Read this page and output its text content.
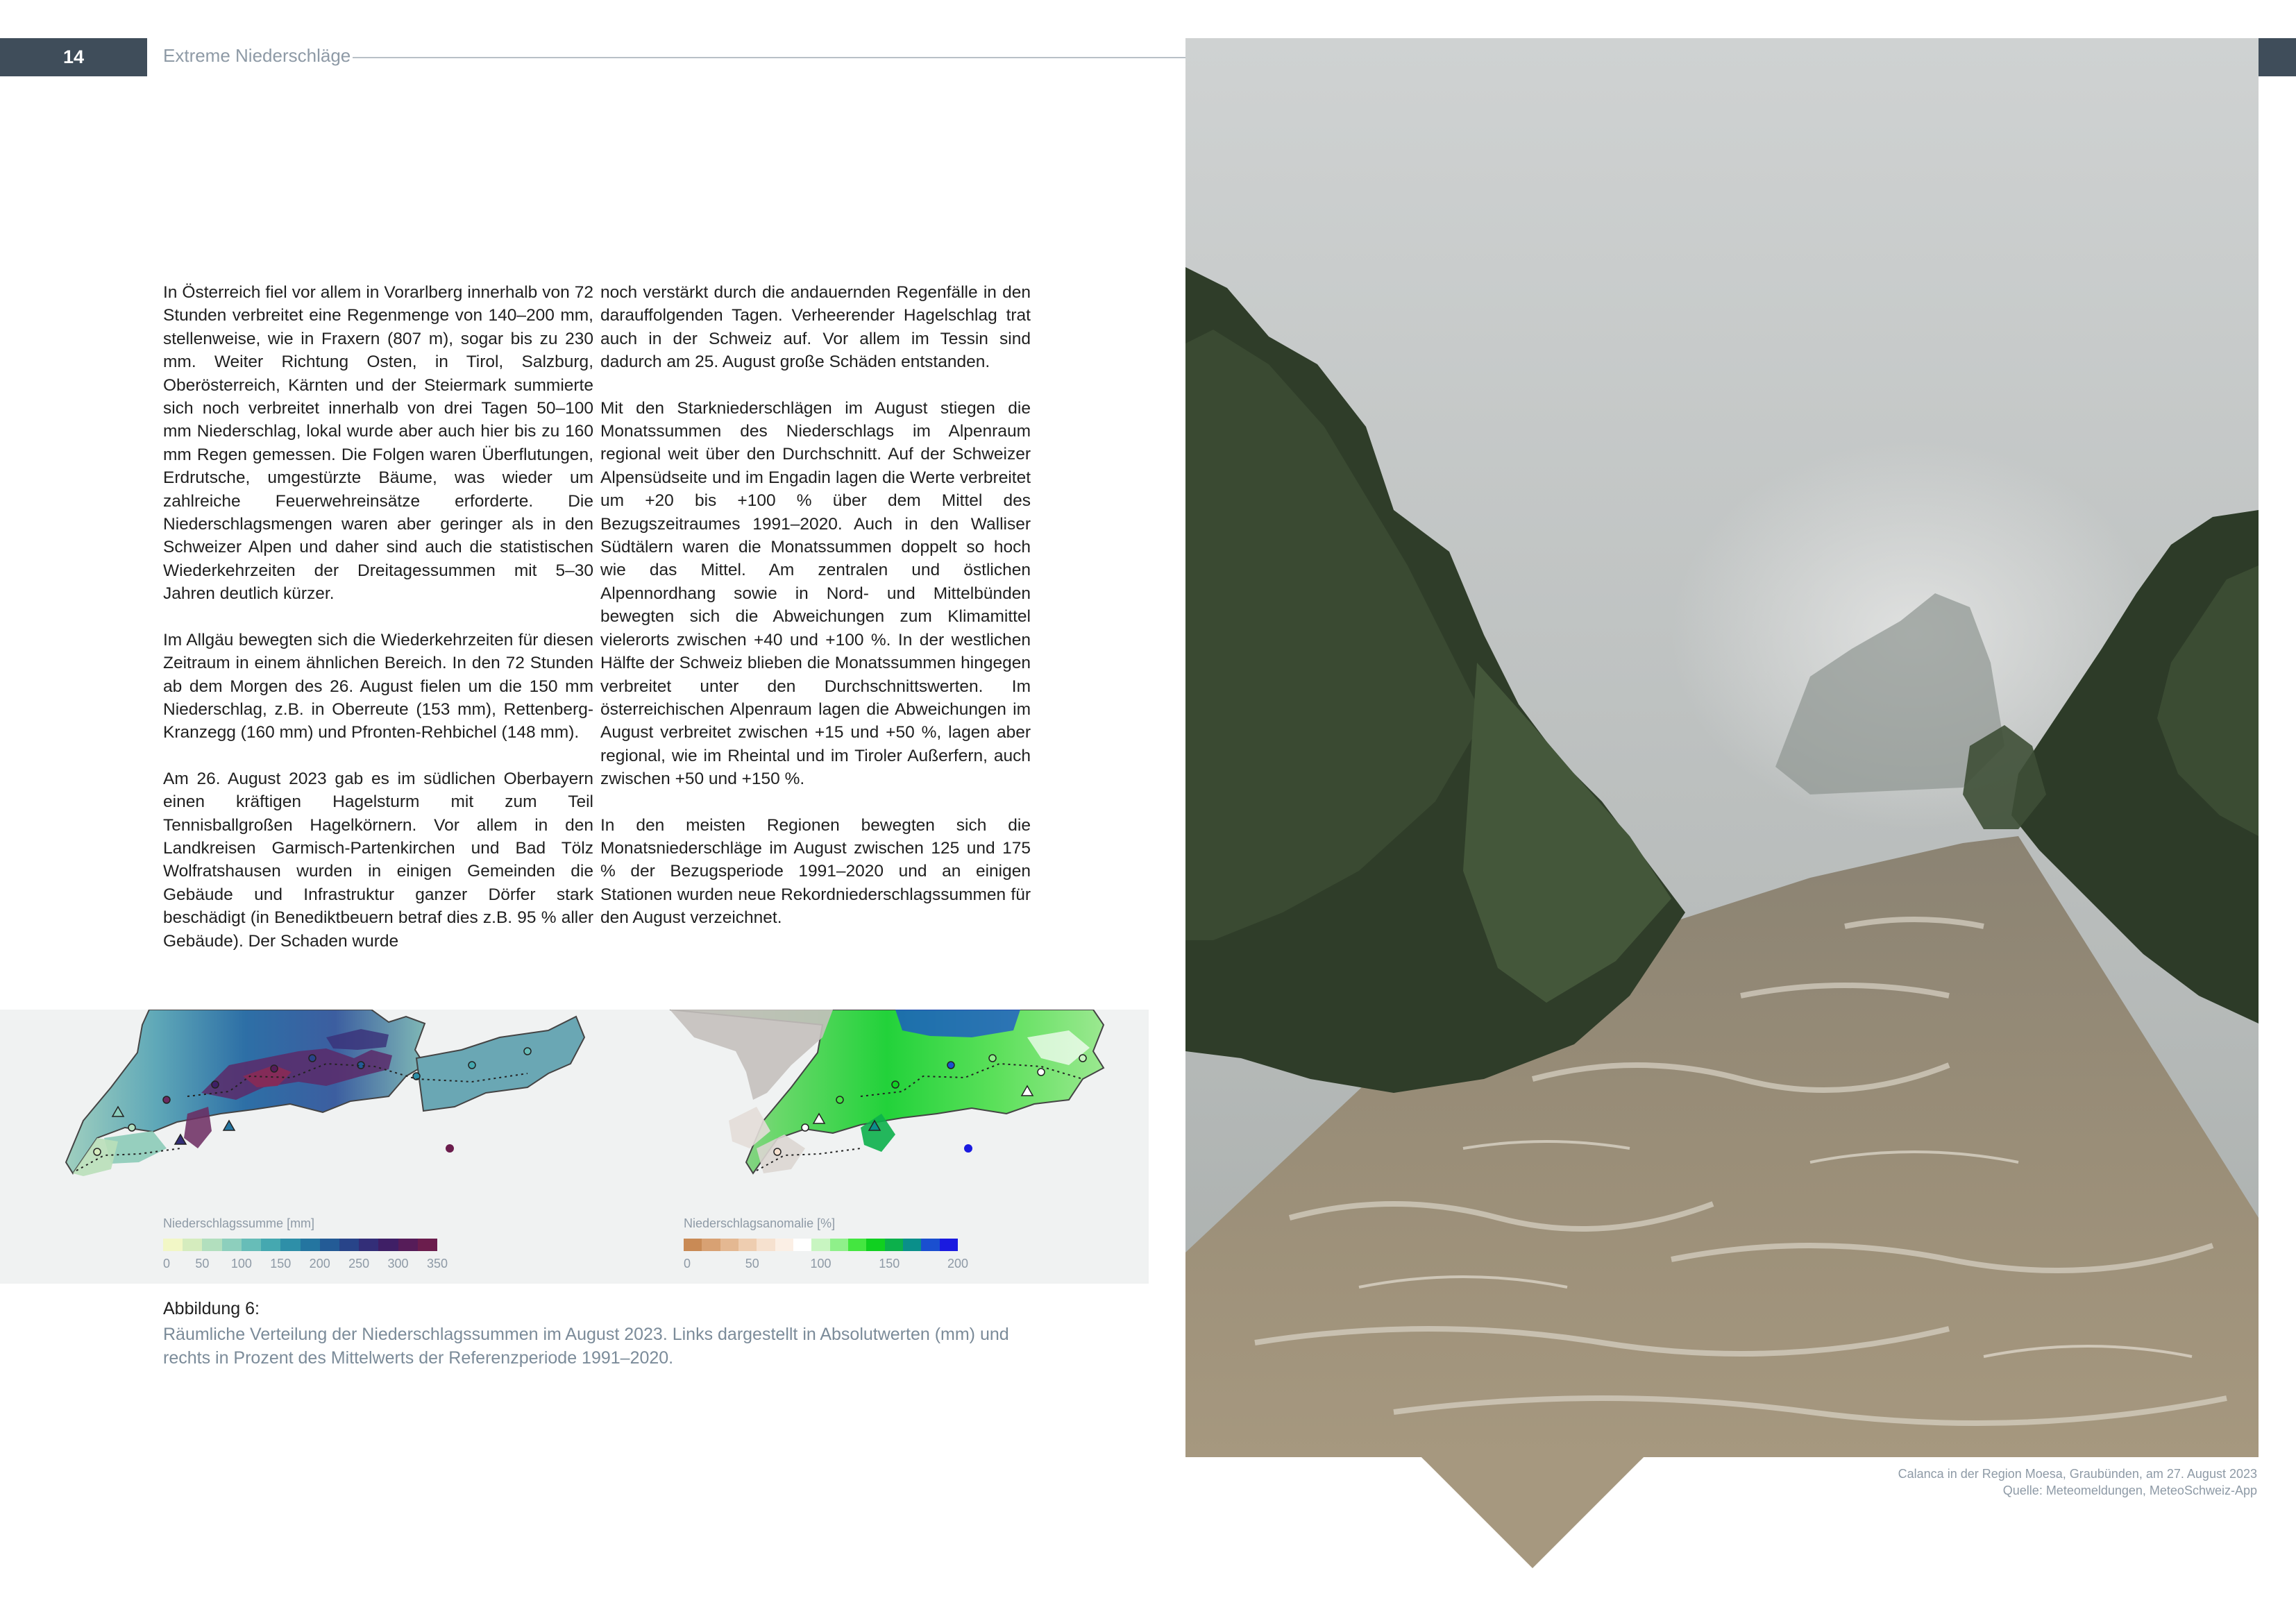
14	Extreme Niederschläge

In Österreich fiel vor allem in Vorarlberg innerhalb von 72 Stunden verbreitet eine Regenmenge von 140–200 mm, stellenweise, wie in Fraxern (807 m), sogar bis zu 230 mm. Weiter Richtung Osten, in Tirol, Salzburg, Oberösterreich, Kärnten und der Steiermark summierte sich noch verbreitet innerhalb von drei Tagen 50–100 mm Niederschlag, lokal wurde aber auch hier bis zu 160 mm Regen gemessen. Die Folgen waren Überflutungen, Erdrutsche, umgestürzte Bäume, was wieder um zahlreiche Feuerwehreinsätze erforderte. Die Niederschlagsmengen waren aber geringer als in den Schweizer Alpen und daher sind auch die statistischen Wiederkehrzeiten der Dreitagessummen mit 5–30 Jahren deutlich kürzer.

Im Allgäu bewegten sich die Wiederkehrzeiten für diesen Zeitraum in einem ähnlichen Bereich. In den 72 Stunden ab dem Morgen des 26. August fielen um die 150 mm Niederschlag, z.B. in Oberreute (153 mm), Rettenberg-Kranzegg (160 mm) und Pfronten-Rehbichel (148 mm).

Am 26. August 2023 gab es im südlichen Oberbayern einen kräftigen Hagelsturm mit zum Teil Tennisballgroßen Hagelkörnern. Vor allem in den Landkreisen Garmisch-Partenkirchen und Bad Tölz Wolfratshausen wurden in einigen Gemeinden die Gebäude und Infrastruktur ganzer Dörfer stark beschädigt (in Benediktbeuern betraf dies z.B. 95 % aller Gebäude). Der Schaden wurde

noch verstärkt durch die andauernden Regenfälle in den darauffolgenden Tagen. Verheerender Hagelschlag trat auch in der Schweiz auf. Vor allem im Tessin sind dadurch am 25. August große Schäden entstanden.

Mit den Starkniederschlägen im August stiegen die Monatssummen des Niederschlags im Alpenraum regional weit über den Durchschnitt. Auf der Schweizer Alpensüdseite und im Engadin lagen die Werte verbreitet um +20 bis +100 % über dem Mittel des Bezugszeitraumes 1991–2020. Auch in den Walliser Südtälern waren die Monatssummen doppelt so hoch wie das Mittel. Am zentralen und östlichen Alpennordhang sowie in Nord- und Mittelbünden bewegten sich die Abweichungen zum Klimamittel vielerorts zwischen +40 und +100 %. In der westlichen Hälfte der Schweiz blieben die Monatssummen hingegen verbreitet unter den Durchschnittswerten. Im österreichischen Alpenraum lagen die Abweichungen im August verbreitet zwischen +15 und +50 %, lagen aber regional, wie im Rheintal und im Tiroler Außerfern, auch zwischen +50 und +150 %.

In den meisten Regionen bewegten sich die Monatsniederschläge im August zwischen 125 und 175 % der Bezugsperiode 1991–2020 und an einigen Stationen wurden neue Rekordniederschlagssummen für den August verzeichnet.

Niederschlagssumme [mm]
0 50 100 150 200 250 300 350
Niederschlagsanomalie [%]
0	50	100	150	200
Abbildung 6:
Räumliche Verteilung der Niederschlagssummen im August 2023. Links dargestellt in Absolutwerten (mm) und rechts in Prozent des Mittelwerts der Referenzperiode 1991–2020.
Calanca in der Region Moesa, Graubünden, am 27. August 2023
Quelle: Meteomeldungen, MeteoSchweiz-App
